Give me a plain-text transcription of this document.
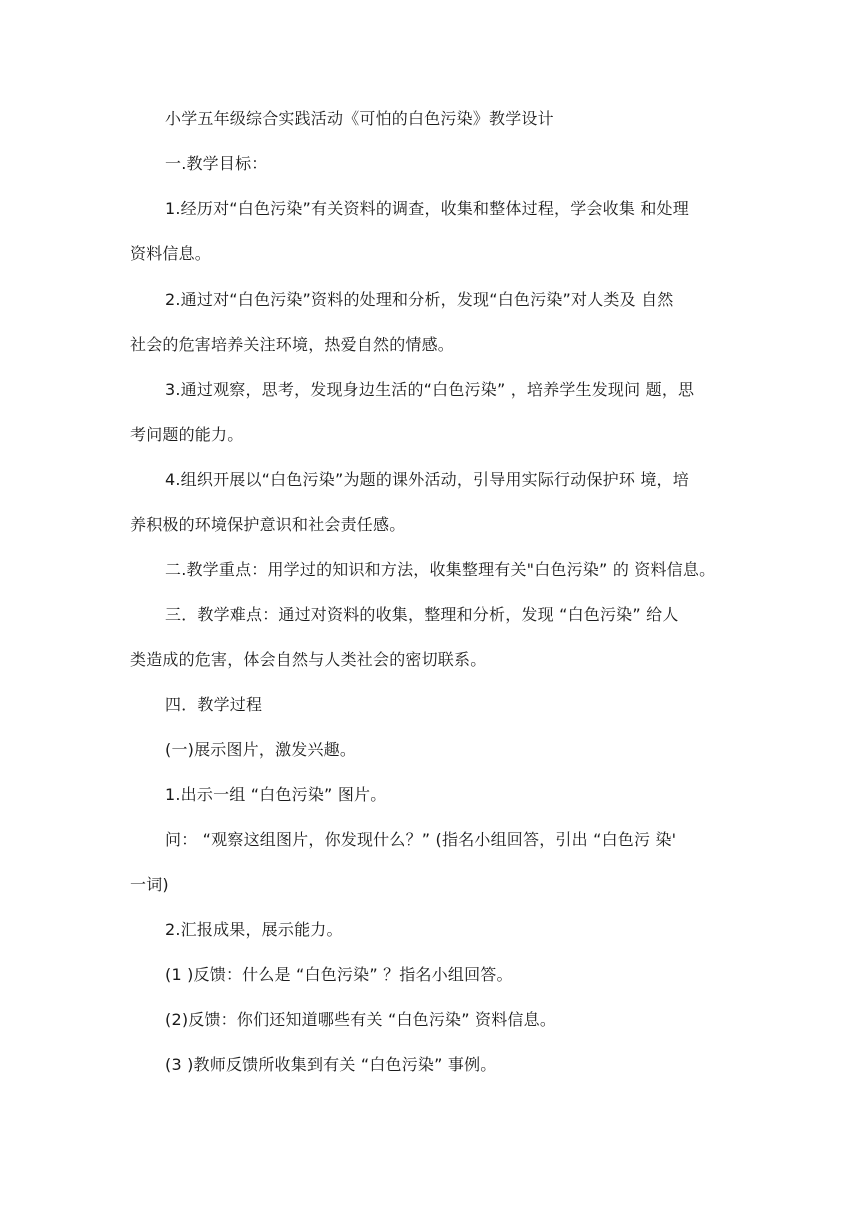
小学五年级综合实践活动《可怕的白色污染》教学设计
一.教学目标：
1.经历对“白色污染”有关资料的调查，收集和整体过程，学会收集 和处理
资料信息。
2.通过对“白色污染”资料的处理和分析，发现“白色污染”对人类及 自然
社会的危害培养关注环境，热爱自然的情感。
3.通过观察，思考，发现身边生活的“白色污染” ，培养学生发现问 题，思
考问题的能力。
4.组织开展以“白色污染”为题的课外活动，引导用实际行动保护环 境，培
养积极的环境保护意识和社会责任感。
二.教学重点：用学过的知识和方法，收集整理有关"白色污染” 的 资料信息。
三．教学难点：通过对资料的收集，整理和分析，发现 “白色污染” 给人
类造成的危害，体会自然与人类社会的密切联系。
四．教学过程
(一)展示图片，激发兴趣。
1.出示一组 “白色污染” 图片。
问： “观察这组图片，你发现什么？” (指名小组回答，引出 “白色污 染'
一词)
2.汇报成果，展示能力。
(1 )反馈：什么是 “白色污染” ？指名小组回答。
(2)反馈：你们还知道哪些有关 “白色污染” 资料信息。
(3 )教师反馈所收集到有关 “白色污染” 事例。
